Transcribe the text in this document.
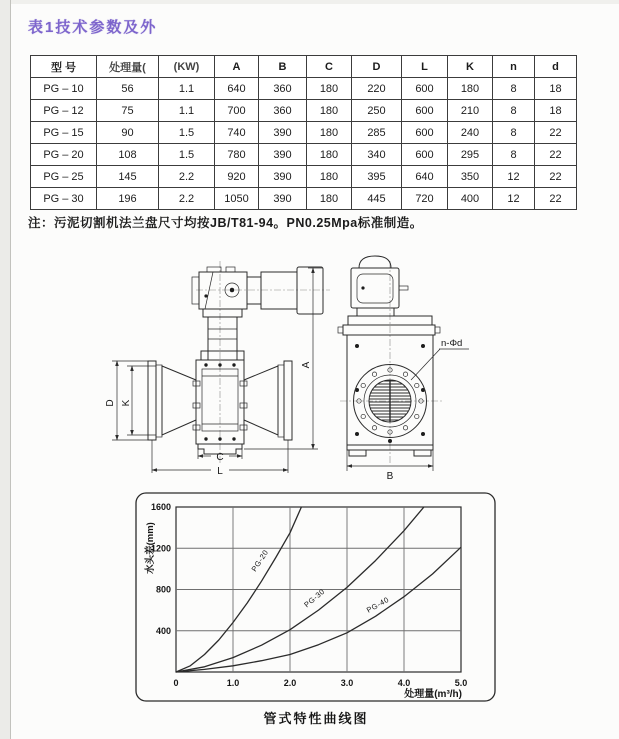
表1技术参数及外
型 号	处理量(	(KW)	A	B	C	D	L	K	n	d
PG – 10	56	1.1	640	360	180	220	600	180	8	18
PG – 12	75	1.1	700	360	180	250	600	210	8	18
PG – 15	90	1.5	740	390	180	285	600	240	8	22
PG – 20	108	1.5	780	390	180	340	600	295	8	22
PG – 25	145	2.2	920	390	180	395	640	350	12	22
PG – 30	196	2.2	1050	390	180	445	720	400	12	22

注：污泥切割机法兰盘尺寸均按JB/T81-94。PN0.25Mpa标准制造。

D K
A
C
L
n-Φd
B
PG-20
PG-30	PG-40
0	1.0	2.0	3.0	4.0	5.0
400
800
1200
1600
水头差(mm)
处理量(m³/h)
管式特性曲线图
